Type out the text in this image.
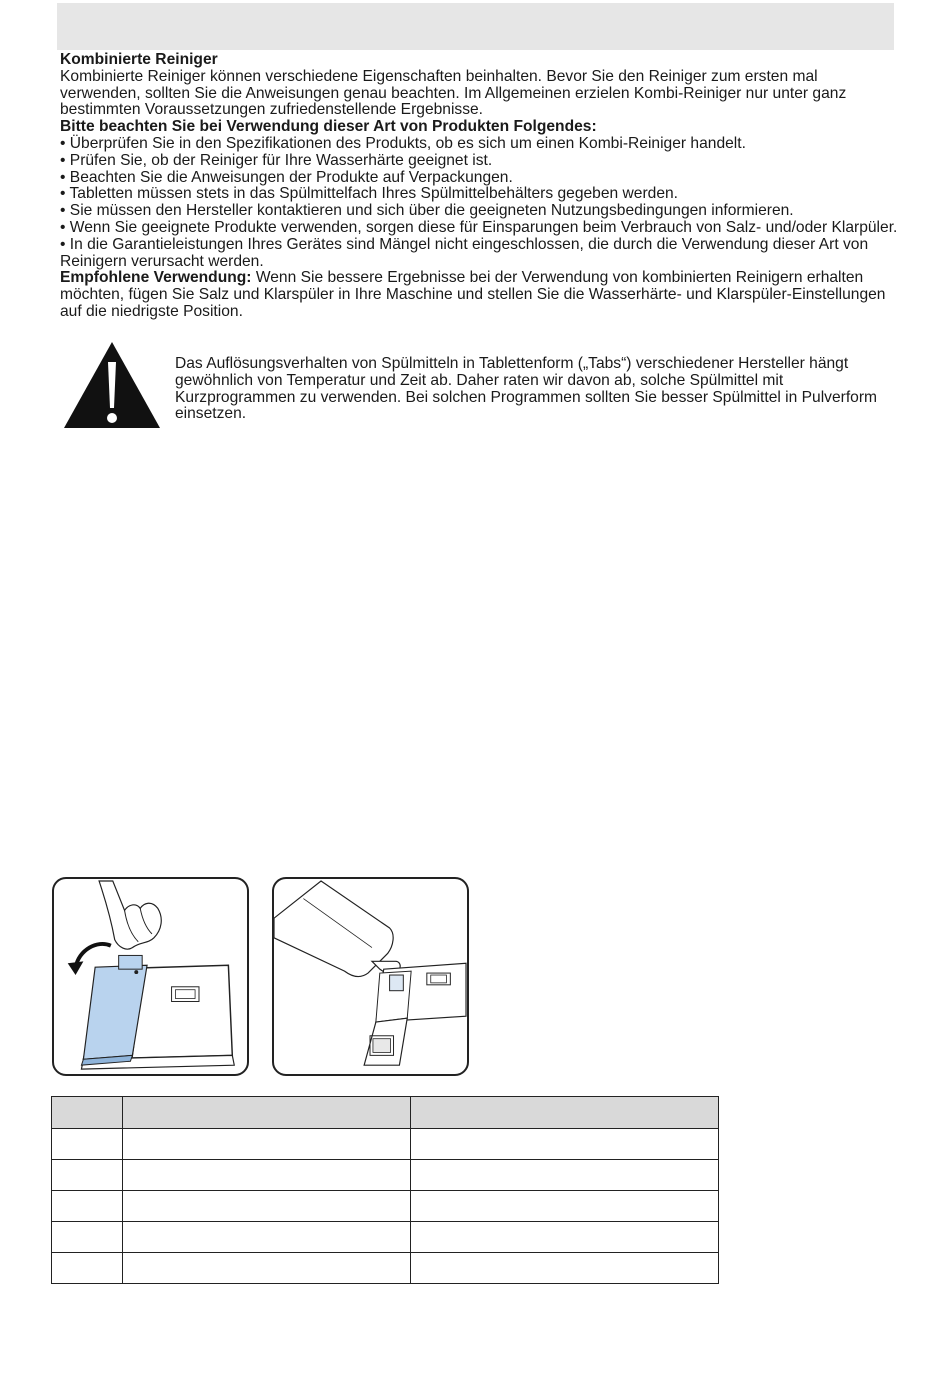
Kombinierte Reiniger

Kombinierte Reiniger können verschiedene Eigenschaften beinhalten. Bevor Sie den Reiniger zum ersten mal verwenden, sollten Sie die Anweisungen genau beachten. Im Allgemeinen erzielen Kombi-Reiniger nur unter ganz bestimmten Voraussetzungen zufriedenstellende Ergebnisse.

Bitte beachten Sie bei Verwendung dieser Art von Produkten Folgendes:

• Überprüfen Sie in den Spezifikationen des Produkts, ob es sich um einen Kombi-Reiniger handelt.

• Prüfen Sie, ob der Reiniger für Ihre Wasserhärte geeignet ist.

• Beachten Sie die Anweisungen der Produkte auf Verpackungen.

• Tabletten müssen stets in das Spülmittelfach Ihres Spülmittelbehälters gegeben werden.

• Sie müssen den Hersteller kontaktieren und sich über die geeigneten Nutzungsbedingungen informieren.

• Wenn Sie geeignete Produkte verwenden, sorgen diese für Einsparungen beim Verbrauch von Salz- und/oder Klarpüler.

• In die Garantieleistungen Ihres Gerätes sind Mängel nicht eingeschlossen, die durch die Verwendung dieser Art von Reinigern verursacht werden.

Empfohlene Verwendung: Wenn Sie bessere Ergebnisse bei der Verwendung von kombinierten Reinigern erhalten möchten, fügen Sie Salz und Klarspüler in Ihre Maschine und stellen Sie die Wasserhärte- und Klarspüler-Einstellungen auf die niedrigste Position.

Das Auflösungsverhalten von Spülmitteln in Tablettenform („Tabs“) verschiedener Hersteller hängt gewöhnlich von Temperatur und Zeit ab. Daher raten wir davon ab, solche Spülmittel mit Kurzprogrammen zu verwenden. Bei solchen Programmen sollten Sie besser Spülmittel in Pulverform einsetzen.
